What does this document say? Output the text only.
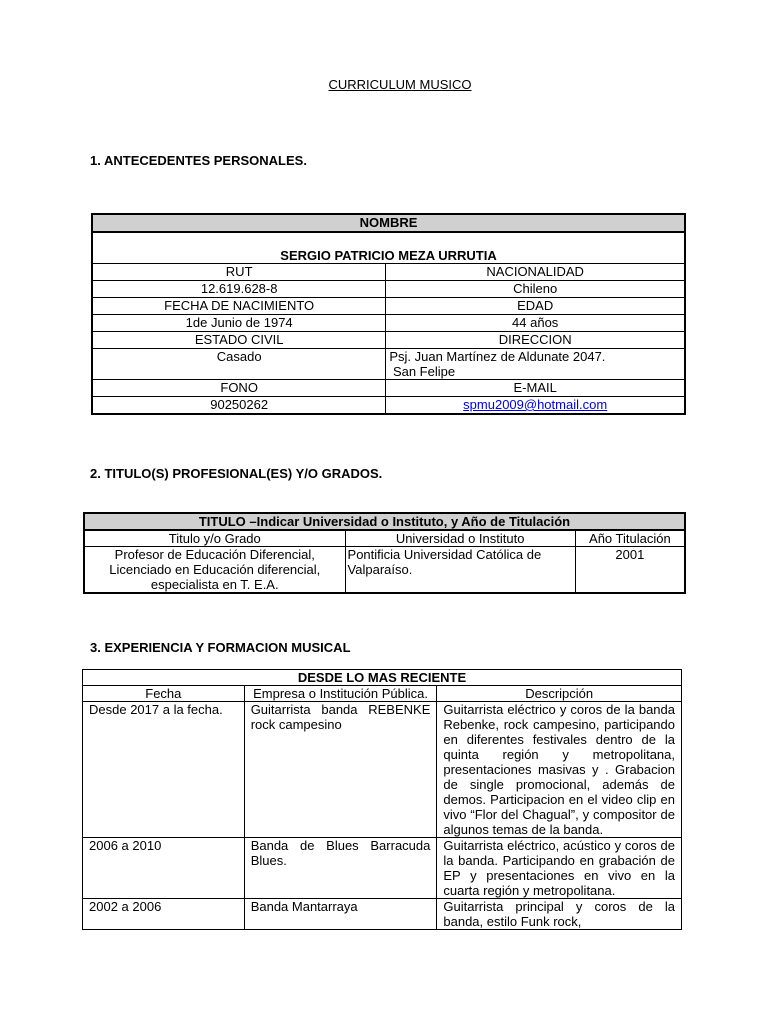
CURRICULUM MUSICO
1. ANTECEDENTES PERSONALES.
NOMBRE	
SERGIO PATRICIO MEZA URRUTIA	
RUT	NACIONALIDAD
12.619.628-8	Chileno
FECHA DE NACIMIENTO	EDAD
1de Junio de 1974	44 años
ESTADO CIVIL	DIRECCION
Casado	Psj. Juan Martínez de Aldunate 2047.
San Felipe

FONO	E-MAIL
90250262	spmu2009@hotmail.com
2. TITULO(S) PROFESIONAL(ES) Y/O GRADOS.
TITULO –Indicar Universidad o Instituto, y Año de Titulación		
Titulo y/o Grado	Universidad o Instituto	Año Titulación
Profesor de Educación Diferencial, Licenciado en Educación diferencial, especialista en T. E.A.	Pontificia Universidad Católica de Valparaíso.	2001
3. EXPERIENCIA Y FORMACION MUSICAL
DESDE LO MAS RECIENTE		
Fecha	Empresa o Institución Pública.	Descripción
Desde 2017 a la fecha.	Guitarrista banda REBENKE rock campesino	Guitarrista eléctrico y coros de la banda Rebenke, rock campesino, participando en diferentes festivales dentro de la quinta región y metropolitana, presentaciones masivas y . Grabacion de single promocional, además de demos. Participacion en el video clip en vivo “Flor del Chagual”, y compositor de algunos temas de la banda.
2006 a 2010	Banda de Blues Barracuda Blues.	Guitarrista eléctrico, acústico y coros de la banda. Participando en grabación de EP y presentaciones en vivo en la cuarta región y metropolitana.
2002 a 2006	Banda Mantarraya	Guitarrista principal y coros de la banda, estilo Funk rock,
